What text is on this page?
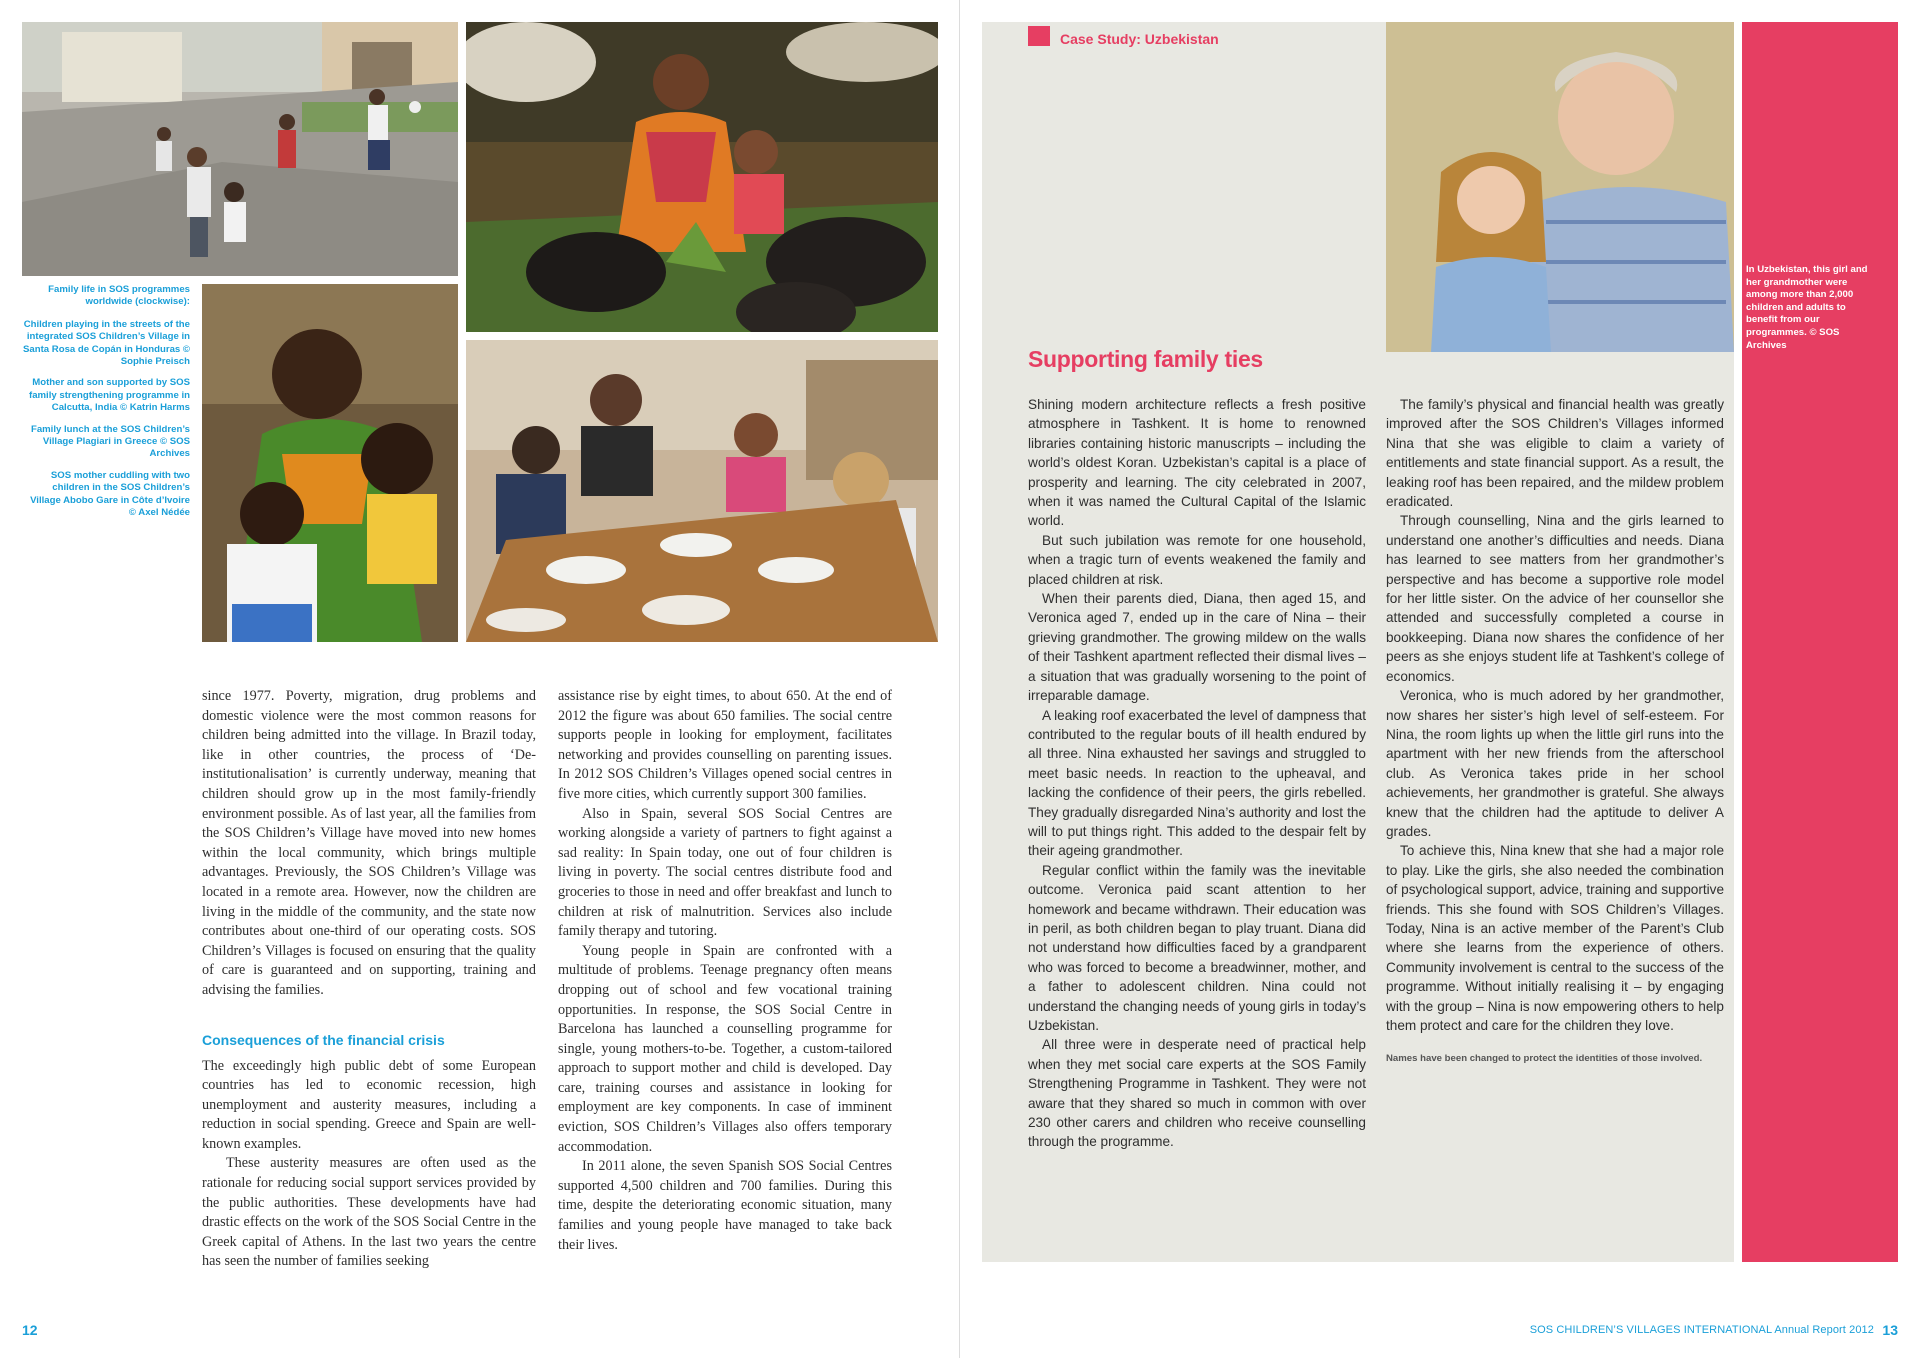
Family life in SOS programmes worldwide (clockwise):

Children playing in the streets of the integrated SOS Children’s Village in Santa Rosa de Copán in Honduras © Sophie Preisch

Mother and son supported by SOS family strengthening programme in Calcutta, India © Katrin Harms

Family lunch at the SOS Children’s Village Plagiari in Greece © SOS Archives

SOS mother cuddling with two children in the SOS Children’s Village Abobo Gare in Côte d’Ivoire © Axel Nédée

since 1977. Poverty, migration, drug problems and domestic violence were the most common reasons for children being admitted into the village. In Brazil today, like in other countries, the process of ‘De-institutionalisation’ is currently underway, meaning that children should grow up in the most family-friendly environment possible. As of last year, all the families from the SOS Children’s Village have moved into new homes within the local community, which brings multiple advantages. Previously, the SOS Children’s Village was located in a remote area. However, now the children are living in the middle of the community, and the state now contributes about one-third of our operating costs. SOS Children’s Villages is focused on ensuring that the quality of care is guaranteed and on supporting, training and advising the families.

Consequences of the financial crisis

The exceedingly high public debt of some European countries has led to economic recession, high unemployment and austerity measures, including a reduction in social spending. Greece and Spain are well-known examples.

These austerity measures are often used as the rationale for reducing social support services provided by the public authorities. These developments have had drastic effects on the work of the SOS Social Centre in the Greek capital of Athens. In the last two years the centre has seen the number of families seeking

assistance rise by eight times, to about 650. At the end of 2012 the figure was about 650 families. The social centre supports people in looking for employment, facilitates networking and provides counselling on parenting issues. In 2012 SOS Children’s Villages opened social centres in five more cities, which currently support 300 families.

Also in Spain, several SOS Social Centres are working alongside a variety of partners to fight against a sad reality: In Spain today, one out of four children is living in poverty. The social centres distribute food and groceries to those in need and offer breakfast and lunch to children at risk of malnutrition. Services also include family therapy and tutoring.

Young people in Spain are confronted with a multitude of problems. Teenage pregnancy often means dropping out of school and few vocational training opportunities. In response, the SOS Social Centre in Barcelona has launched a counselling programme for single, young mothers-to-be. Together, a custom-tailored approach to support mother and child is developed. Day care, training courses and assistance in looking for employment are key components. In case of imminent eviction, SOS Children’s Villages also offers temporary accommodation.

In 2011 alone, the seven Spanish SOS Social Centres supported 4,500 children and 700 families. During this time, despite the deteriorating economic situation, many families and young people have managed to take back their lives.

12
Case Study: Uzbekistan
In Uzbekistan, this girl and her grandmother were among more than 2,000 children and adults to benefit from our programmes. © SOS Archives
Supporting family ties

Shining modern architecture reflects a fresh positive atmosphere in Tashkent. It is home to renowned libraries containing historic manuscripts – including the world’s oldest Koran. Uzbekistan’s capital is a place of prosperity and learning. The city celebrated in 2007, when it was named the Cultural Capital of the Islamic world.

But such jubilation was remote for one household, when a tragic turn of events weakened the family and placed children at risk.

When their parents died, Diana, then aged 15, and Veronica aged 7, ended up in the care of Nina – their grieving grandmother. The growing mildew on the walls of their Tashkent apartment reflected their dismal lives – a situation that was gradually worsening to the point of irreparable damage.

A leaking roof exacerbated the level of dampness that contributed to the regular bouts of ill health endured by all three. Nina exhausted her savings and struggled to meet basic needs. In reaction to the upheaval, and lacking the confidence of their peers, the girls rebelled. They gradually disregarded Nina’s authority and lost the will to put things right. This added to the despair felt by their ageing grandmother.

Regular conflict within the family was the inevitable outcome. Veronica paid scant attention to her homework and became withdrawn. Their education was in peril, as both children began to play truant. Diana did not understand how difficulties faced by a grandparent who was forced to become a breadwinner, mother, and a father to adolescent children. Nina could not understand the changing needs of young girls in today’s Uzbekistan.

All three were in desperate need of practical help when they met social care experts at the SOS Family Strengthening Programme in Tashkent. They were not aware that they shared so much in common with over 230 other carers and children who receive counselling through the programme.

The family’s physical and financial health was greatly improved after the SOS Children’s Villages informed Nina that she was eligible to claim a variety of entitlements and state financial support. As a result, the leaking roof has been repaired, and the mildew problem eradicated.

Through counselling, Nina and the girls learned to understand one another’s difficulties and needs. Diana has learned to see matters from her grandmother’s perspective and has become a supportive role model for her little sister. On the advice of her counsellor she attended and successfully completed a course in bookkeeping. Diana now shares the confidence of her peers as she enjoys student life at Tashkent’s college of economics.

Veronica, who is much adored by her grandmother, now shares her sister’s high level of self-esteem. For Nina, the room lights up when the little girl runs into the apartment with her new friends from the afterschool club. As Veronica takes pride in her school achievements, her grandmother is grateful. She always knew that the children had the aptitude to deliver A grades.

To achieve this, Nina knew that she had a major role to play. Like the girls, she also needed the combination of psychological support, advice, training and supportive friends. This she found with SOS Children’s Villages. Today, Nina is an active member of the Parent’s Club where she learns from the experience of others. Community involvement is central to the success of the programme. Without initially realising it – by engaging with the group – Nina is now empowering others to help them protect and care for the children they love.

Names have been changed to protect the identities of those involved.

SOS CHILDREN’S VILLAGES INTERNATIONAL Annual Report 2012 13
